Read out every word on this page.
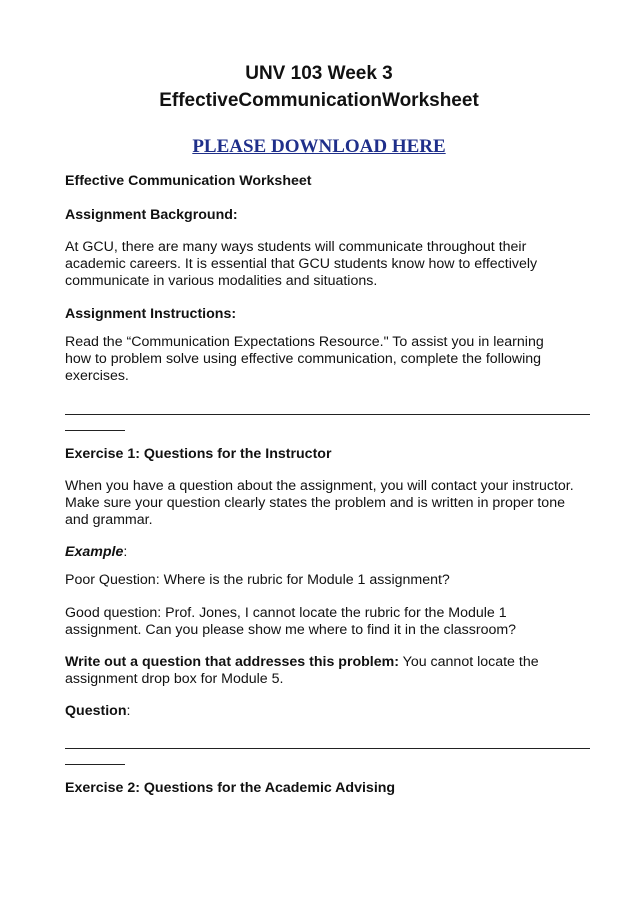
UNV 103 Week 3
EffectiveCommunicationWorksheet
PLEASE DOWNLOAD HERE
Effective Communication Worksheet
Assignment Background:
At GCU, there are many ways students will communicate throughout their
academic careers. It is essential that GCU students know how to effectively
communicate in various modalities and situations.
Assignment Instructions:
Read the “Communication Expectations Resource." To assist you in learning
how to problem solve using effective communication, complete the following
exercises.
Exercise 1: Questions for the Instructor
When you have a question about the assignment, you will contact your instructor.
Make sure your question clearly states the problem and is written in proper tone
and grammar.
Example:
Poor Question: Where is the rubric for Module 1 assignment?
Good question: Prof. Jones, I cannot locate the rubric for the Module 1
assignment. Can you please show me where to find it in the classroom?
Write out a question that addresses this problem: You cannot locate the
assignment drop box for Module 5.
Question:
Exercise 2: Questions for the Academic Advising
